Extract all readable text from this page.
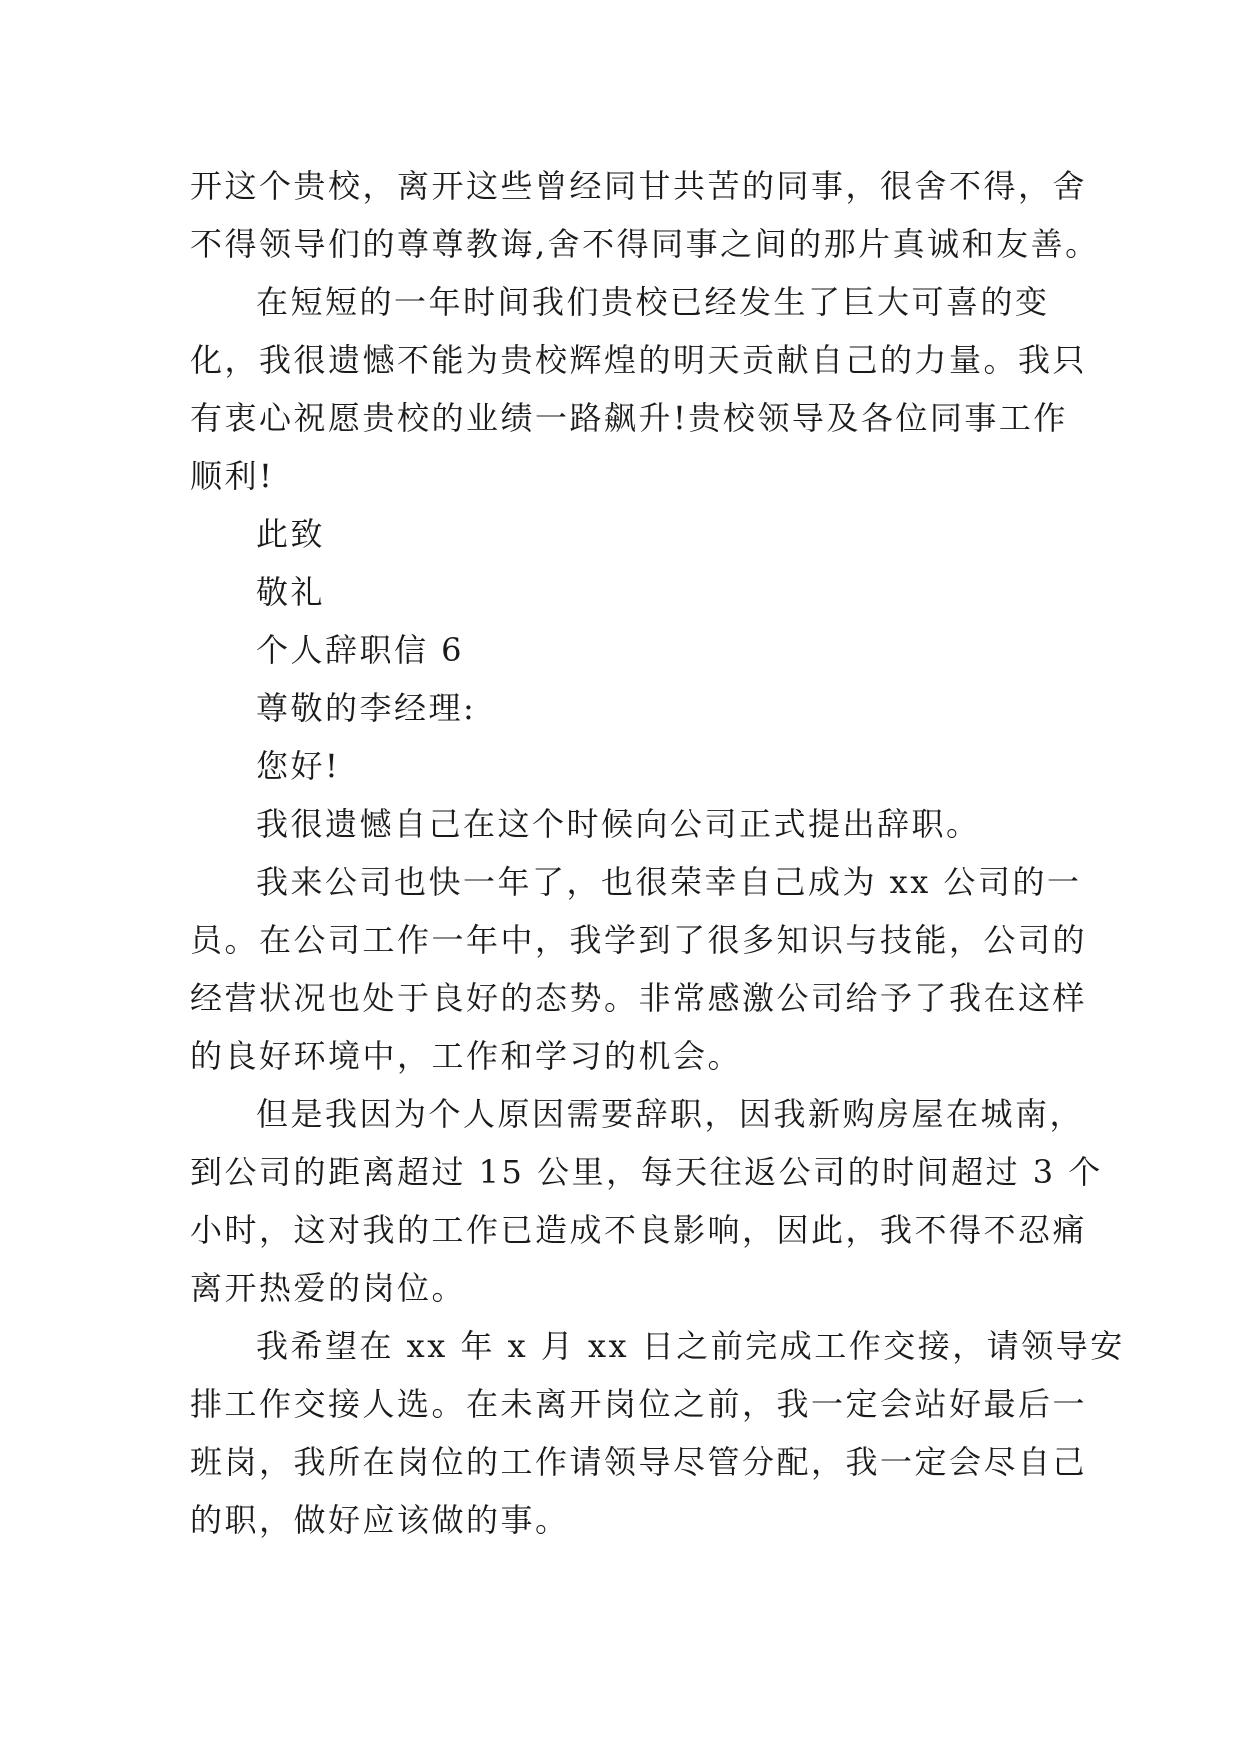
开这个贵校，离开这些曾经同甘共苦的同事，很舍不得，舍
不得领导们的尊尊教诲,舍不得同事之间的那片真诚和友善。
在短短的一年时间我们贵校已经发生了巨大可喜的变
化，我很遗憾不能为贵校辉煌的明天贡献自己的力量。我只
有衷心祝愿贵校的业绩一路飙升!贵校领导及各位同事工作
顺利!
此致
敬礼
个人辞职信 6
尊敬的李经理:
您好!
我很遗憾自己在这个时候向公司正式提出辞职。
我来公司也快一年了，也很荣幸自己成为 xx 公司的一
员。在公司工作一年中，我学到了很多知识与技能，公司的
经营状况也处于良好的态势。非常感激公司给予了我在这样
的良好环境中，工作和学习的机会。
但是我因为个人原因需要辞职，因我新购房屋在城南，
到公司的距离超过 15 公里，每天往返公司的时间超过 3 个
小时，这对我的工作已造成不良影响，因此，我不得不忍痛
离开热爱的岗位。
我希望在 xx 年 x 月 xx 日之前完成工作交接，请领导安
排工作交接人选。在未离开岗位之前，我一定会站好最后一
班岗，我所在岗位的工作请领导尽管分配，我一定会尽自己
的职，做好应该做的事。
